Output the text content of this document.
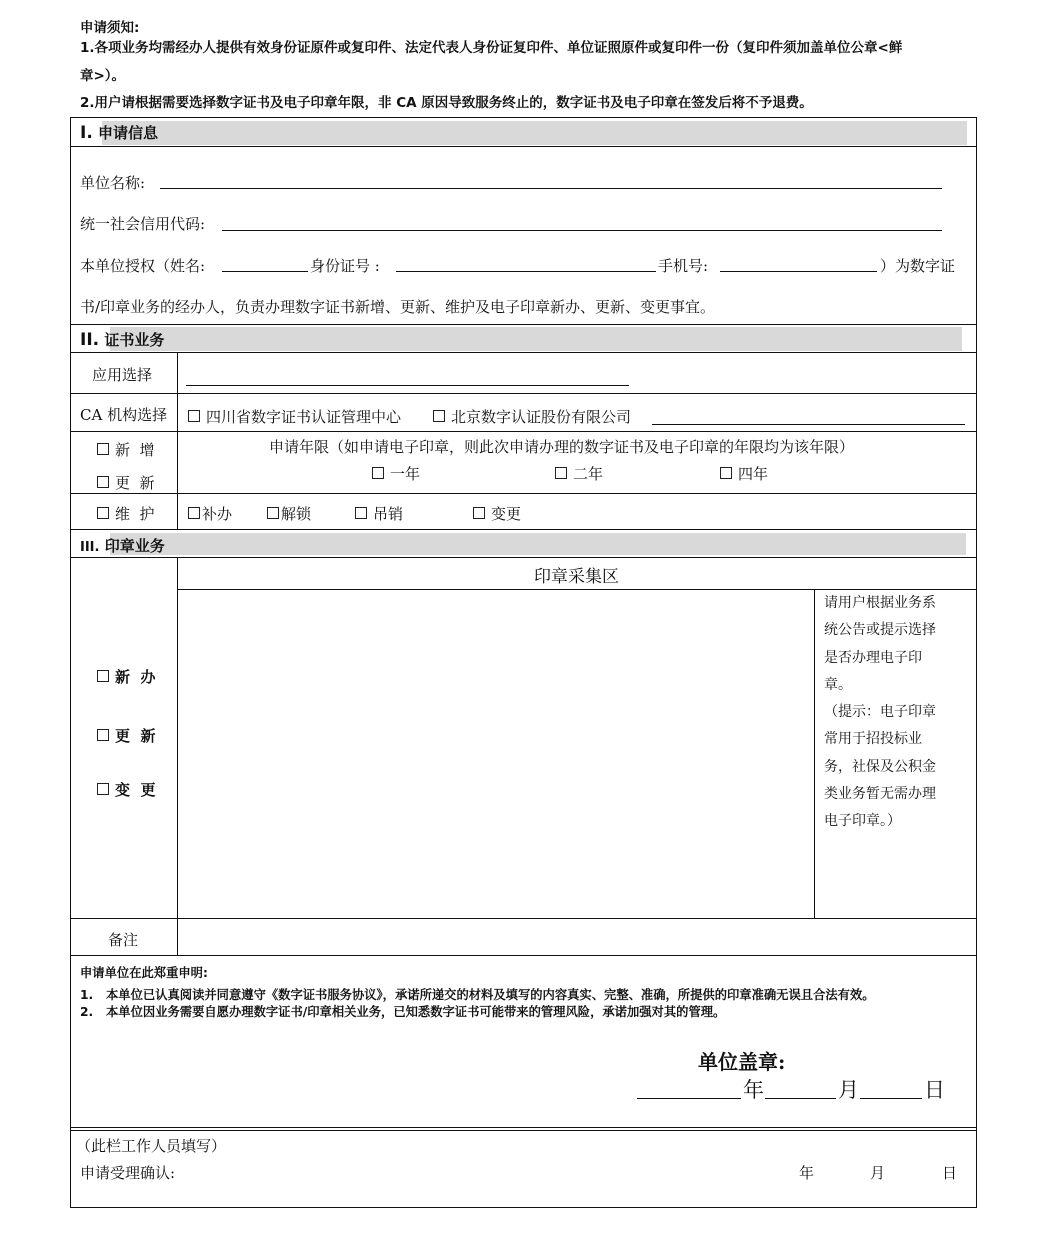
申请须知:
1.各项业务均需经办人提供有效身份证原件或复印件、法定代表人身份证复印件、单位证照原件或复印件一份（复印件须加盖单位公章<鲜
章>）。
2.用户请根据需要选择数字证书及电子印章年限，非 CA 原因导致服务终止的，数字证书及电子印章在签发后将不予退费。
I. 申请信息
单位名称:
统一社会信用代码:
本单位授权（姓名:	身份证号 :	手机号:	）为数字证
书/印章业务的经办人，负责办理数字证书新增、更新、维护及电子印章新办、更新、变更事宜。
II. 证书业务
应用选择
CA 机构选择	四川省数字证书认证管理中心	北京数字认证股份有限公司
新  增
更  新
申请年限（如申请电子印章，则此次申请办理的数字证书及电子印章的年限均为该年限）
一年	二年	四年
维  护	补办	解锁	吊销	变更
III. 印章业务
印章采集区
新  办
更  新
变  更
请用户根据业务系
统公告或提示选择
是否办理电子印
章。
（提示：电子印章
常用于招投标业
务，社保及公积金
类业务暂无需办理
电子印章。）
备注
申请单位在此郑重申明:
1. 本单位已认真阅读并同意遵守《数字证书服务协议》，承诺所递交的材料及填写的内容真实、完整、准确，所提供的印章准确无误且合法有效。
2. 本单位因业务需要自愿办理数字证书/印章相关业务，已知悉数字证书可能带来的管理风险，承诺加强对其的管理。
单位盖章:
年	月	日
（此栏工作人员填写）
申请受理确认:	年	月	日
